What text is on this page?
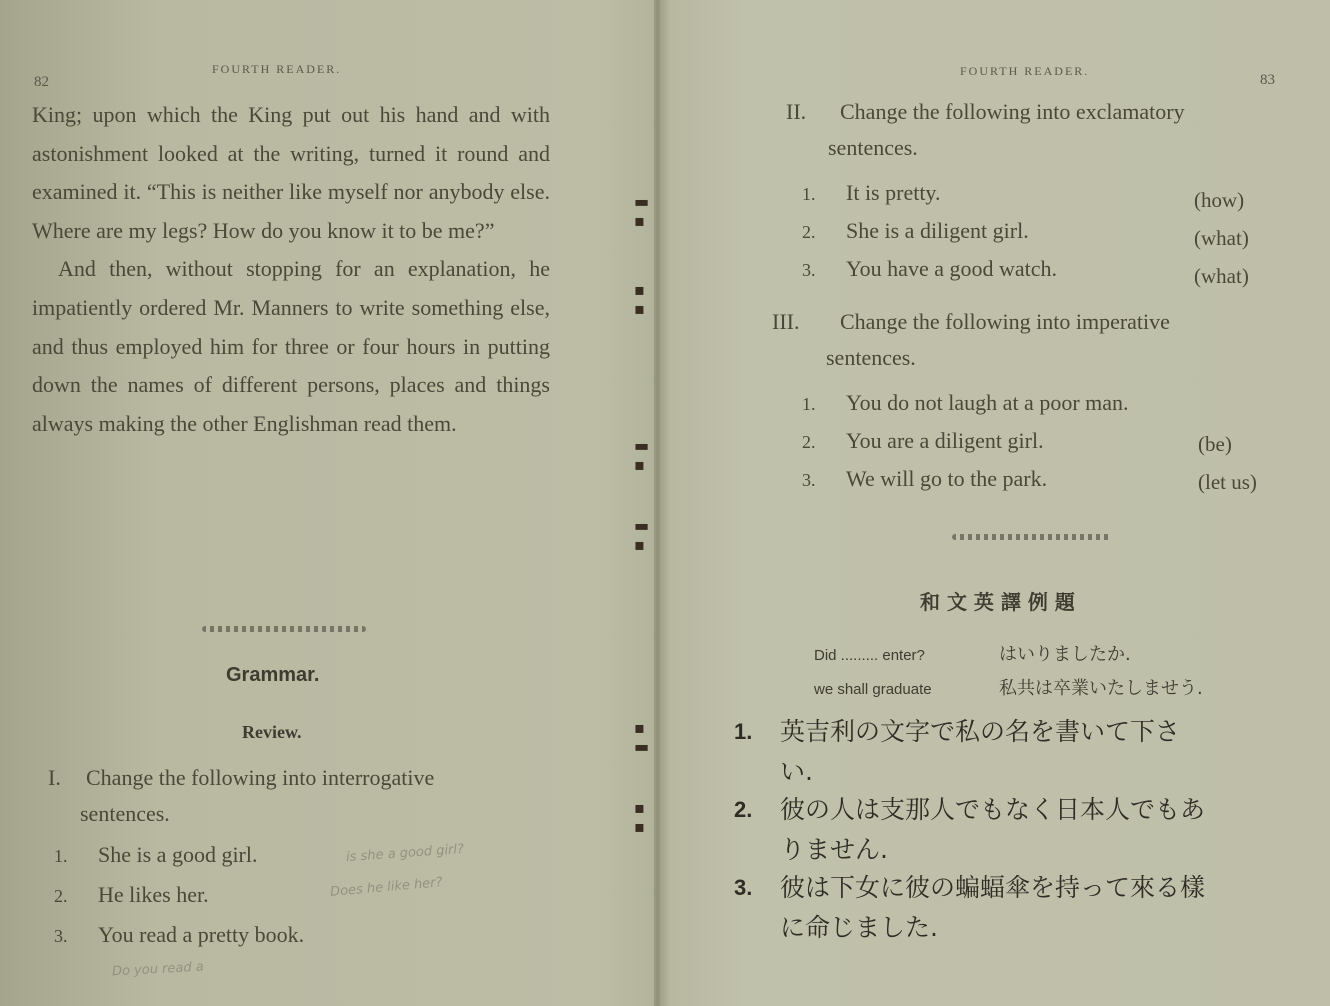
▬ ▪
▪ ▪
▬ ▪
▬ ▪
▪ ▬
▪ ▪
82
FOURTH READER.

King; upon which the King put out his hand and with astonishment looked at the writing, turned it round and examined it. “This is neither like myself nor anybody else. Where are my legs? How do you know it to be me?”

And then, without stopping for an explanation, he impatiently ordered Mr. Manners to write something else, and thus employed him for three or four hours in putting down the names of different persons, places and things always making the other Englishman read them.

Grammar.
Review.
I. Change the following into interrogative
sentences.
1. She is a good girl.	is she a good girl?
2. He likes her.	Does he like her?
3. You read a pretty book.
Do you read a
FOURTH READER.
83
II. Change the following into exclamatory
sentences.
1. It is pretty.	(how)
2. She is a diligent girl.	(what)
3. You have a good watch.	(what)
III. Change the following into imperative
sentences.
1. You do not laugh at a poor man.
2. You are a diligent girl.	(be)
3. We will go to the park.	(let us)
和 文 英 譯 例 題
Did ......... enter?	はいりましたか.
we shall graduate	私共は卒業いたしませう.
1. 英吉利の文字で私の名を書いて下さ
い.
2. 彼の人は支那人でもなく日本人でもあ
りません.
3. 彼は下女に彼の蝙蝠傘を持って來る樣
に命じました.
